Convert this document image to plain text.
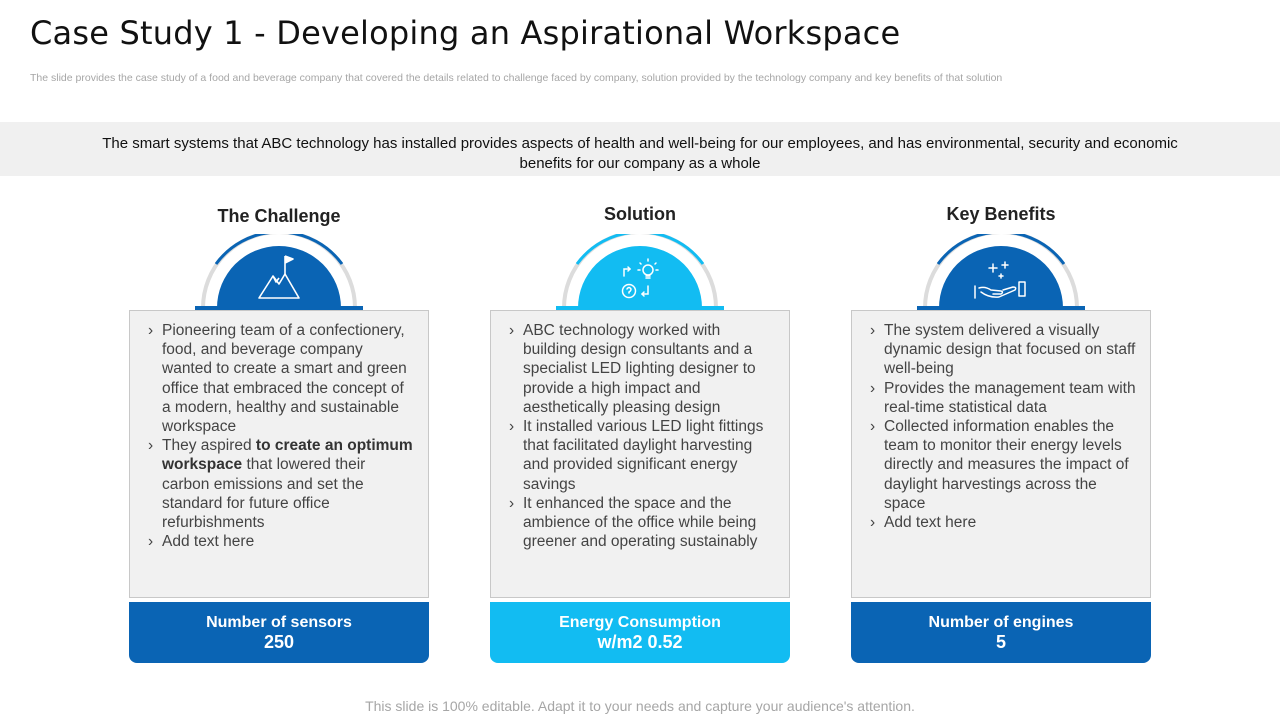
Case Study 1 - Developing an Aspirational Workspace
The slide provides the case study of a food and beverage company that covered the details related to challenge faced by company, solution provided by the technology company and key benefits of that solution
The smart systems that ABC technology has installed provides aspects of health and well-being for our employees, and has environmental, security and economic benefits for our company as a whole
The Challenge
› Pioneering team of a confectionery, food, and beverage company wanted to create a smart and green office that embraced the concept of a modern, healthy and sustainable workspace
› They aspired to create an optimum workspace that lowered their carbon emissions and set the standard for future office refurbishments
› Add text here
Number of sensors
250
Solution
› ABC technology worked with building design consultants and a specialist LED lighting designer to provide a high impact and aesthetically pleasing design
› It installed various LED light fittings that facilitated daylight harvesting and provided significant energy savings
› It enhanced the space and the ambience of the office while being greener and operating sustainably
Energy Consumption
w/m2 0.52
Key Benefits
› The system delivered a visually dynamic design that focused on staff well-being
› Provides the management team with real-time statistical data
› Collected information enables the team to monitor their energy levels directly and measures the impact of daylight harvestings across the space
› Add text here
Number of engines
5
This slide is 100% editable. Adapt it to your needs and capture your audience's attention.
